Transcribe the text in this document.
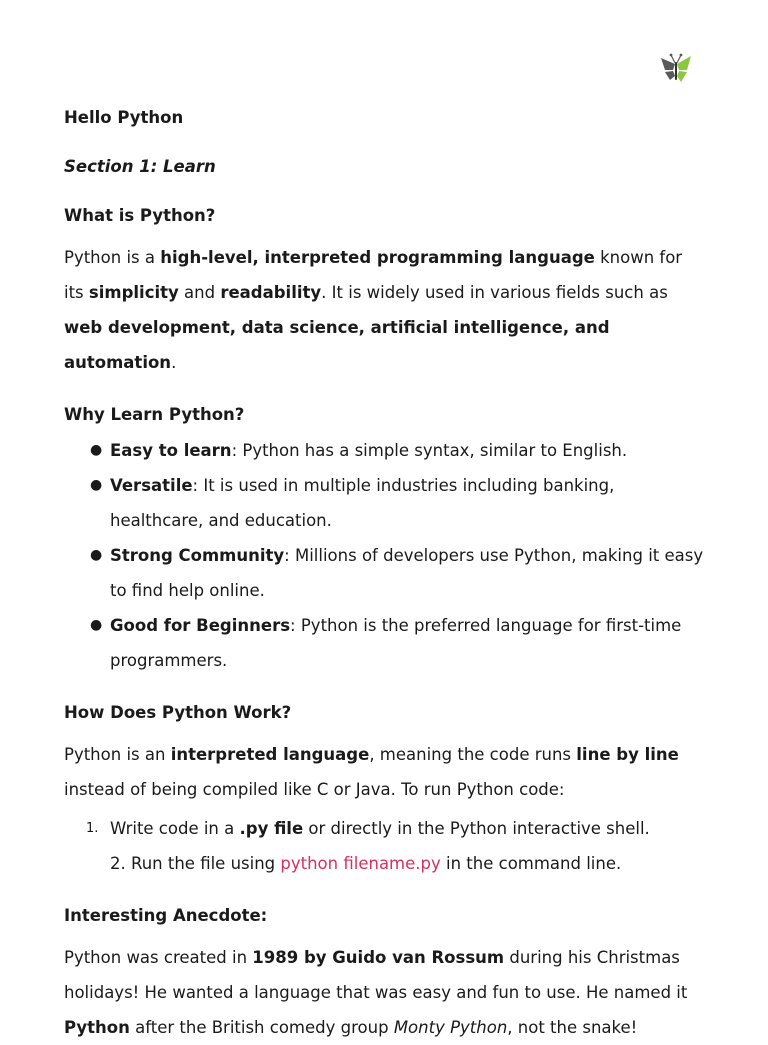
Hello Python
Section 1: Learn
What is Python?

Python is a high-level, interpreted programming language known for its simplicity and readability. It is widely used in various fields such as web development, data science, artificial intelligence, and automation.

Why Learn Python?
● Easy to learn: Python has a simple syntax, similar to English.
● Versatile: It is used in multiple industries including banking, healthcare, and education.
● Strong Community: Millions of developers use Python, making it easy to find help online.
● Good for Beginners: Python is the preferred language for first-time programmers.
How Does Python Work?

Python is an interpreted language, meaning the code runs line by line instead of being compiled like C or Java. To run Python code:

1. Write code in a .py file or directly in the Python interactive shell.
2. Run the file using python filename.py in the command line.
Interesting Anecdote:

Python was created in 1989 by Guido van Rossum during his Christmas holidays! He wanted a language that was easy and fun to use. He named it Python after the British comedy group Monty Python, not the snake!
